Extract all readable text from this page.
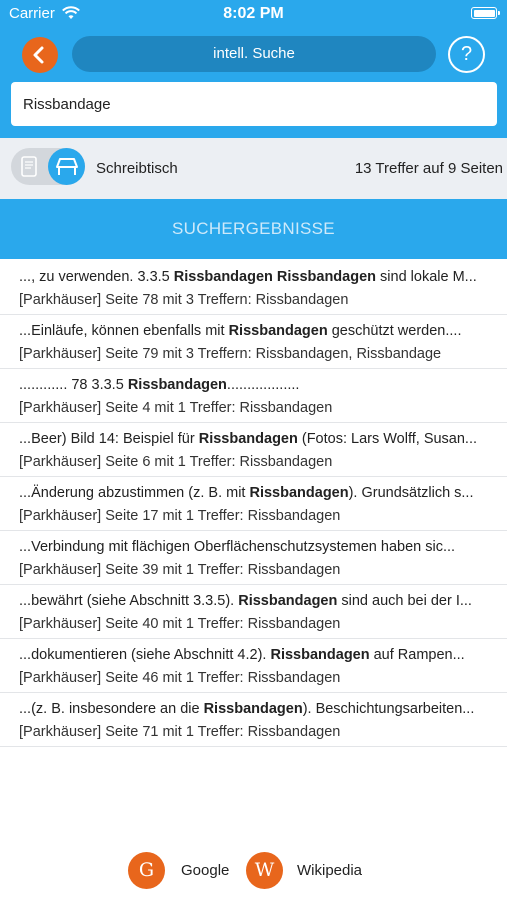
Carrier	8:02 PM
intell. Suche	?
Rissbandage
Schreibtisch	13 Treffer auf 9 Seiten
SUCHERGEBNISSE
..., zu verwenden. 3.3.5 Rissbandagen Rissbandagen sind lokale M...
[Parkhäuser] Seite 78 mit 3 Treffern: Rissbandagen
...Einläufe, können ebenfalls mit Rissbandagen geschützt werden....
[Parkhäuser] Seite 79 mit 3 Treffern: Rissbandagen, Rissbandage
............ 78 3.3.5 Rissbandagen..................
[Parkhäuser] Seite 4 mit 1 Treffer: Rissbandagen
...Beer) Bild 14: Beispiel für Rissbandagen (Fotos: Lars Wolff, Susan...
[Parkhäuser] Seite 6 mit 1 Treffer: Rissbandagen
...Änderung abzustimmen (z. B. mit Rissbandagen). Grundsätzlich s...
[Parkhäuser] Seite 17 mit 1 Treffer: Rissbandagen
...Verbindung mit flächigen Oberflächenschutzsystemen haben sic...
[Parkhäuser] Seite 39 mit 1 Treffer: Rissbandagen
...bewährt (siehe Abschnitt 3.3.5). Rissbandagen sind auch bei der I...
[Parkhäuser] Seite 40 mit 1 Treffer: Rissbandagen
...dokumentieren (siehe Abschnitt 4.2). Rissbandagen auf Rampen...
[Parkhäuser] Seite 46 mit 1 Treffer: Rissbandagen
...(z. B. insbesondere an die Rissbandagen). Beschichtungsarbeiten...
[Parkhäuser] Seite 71 mit 1 Treffer: Rissbandagen
G	Google	W	Wikipedia
